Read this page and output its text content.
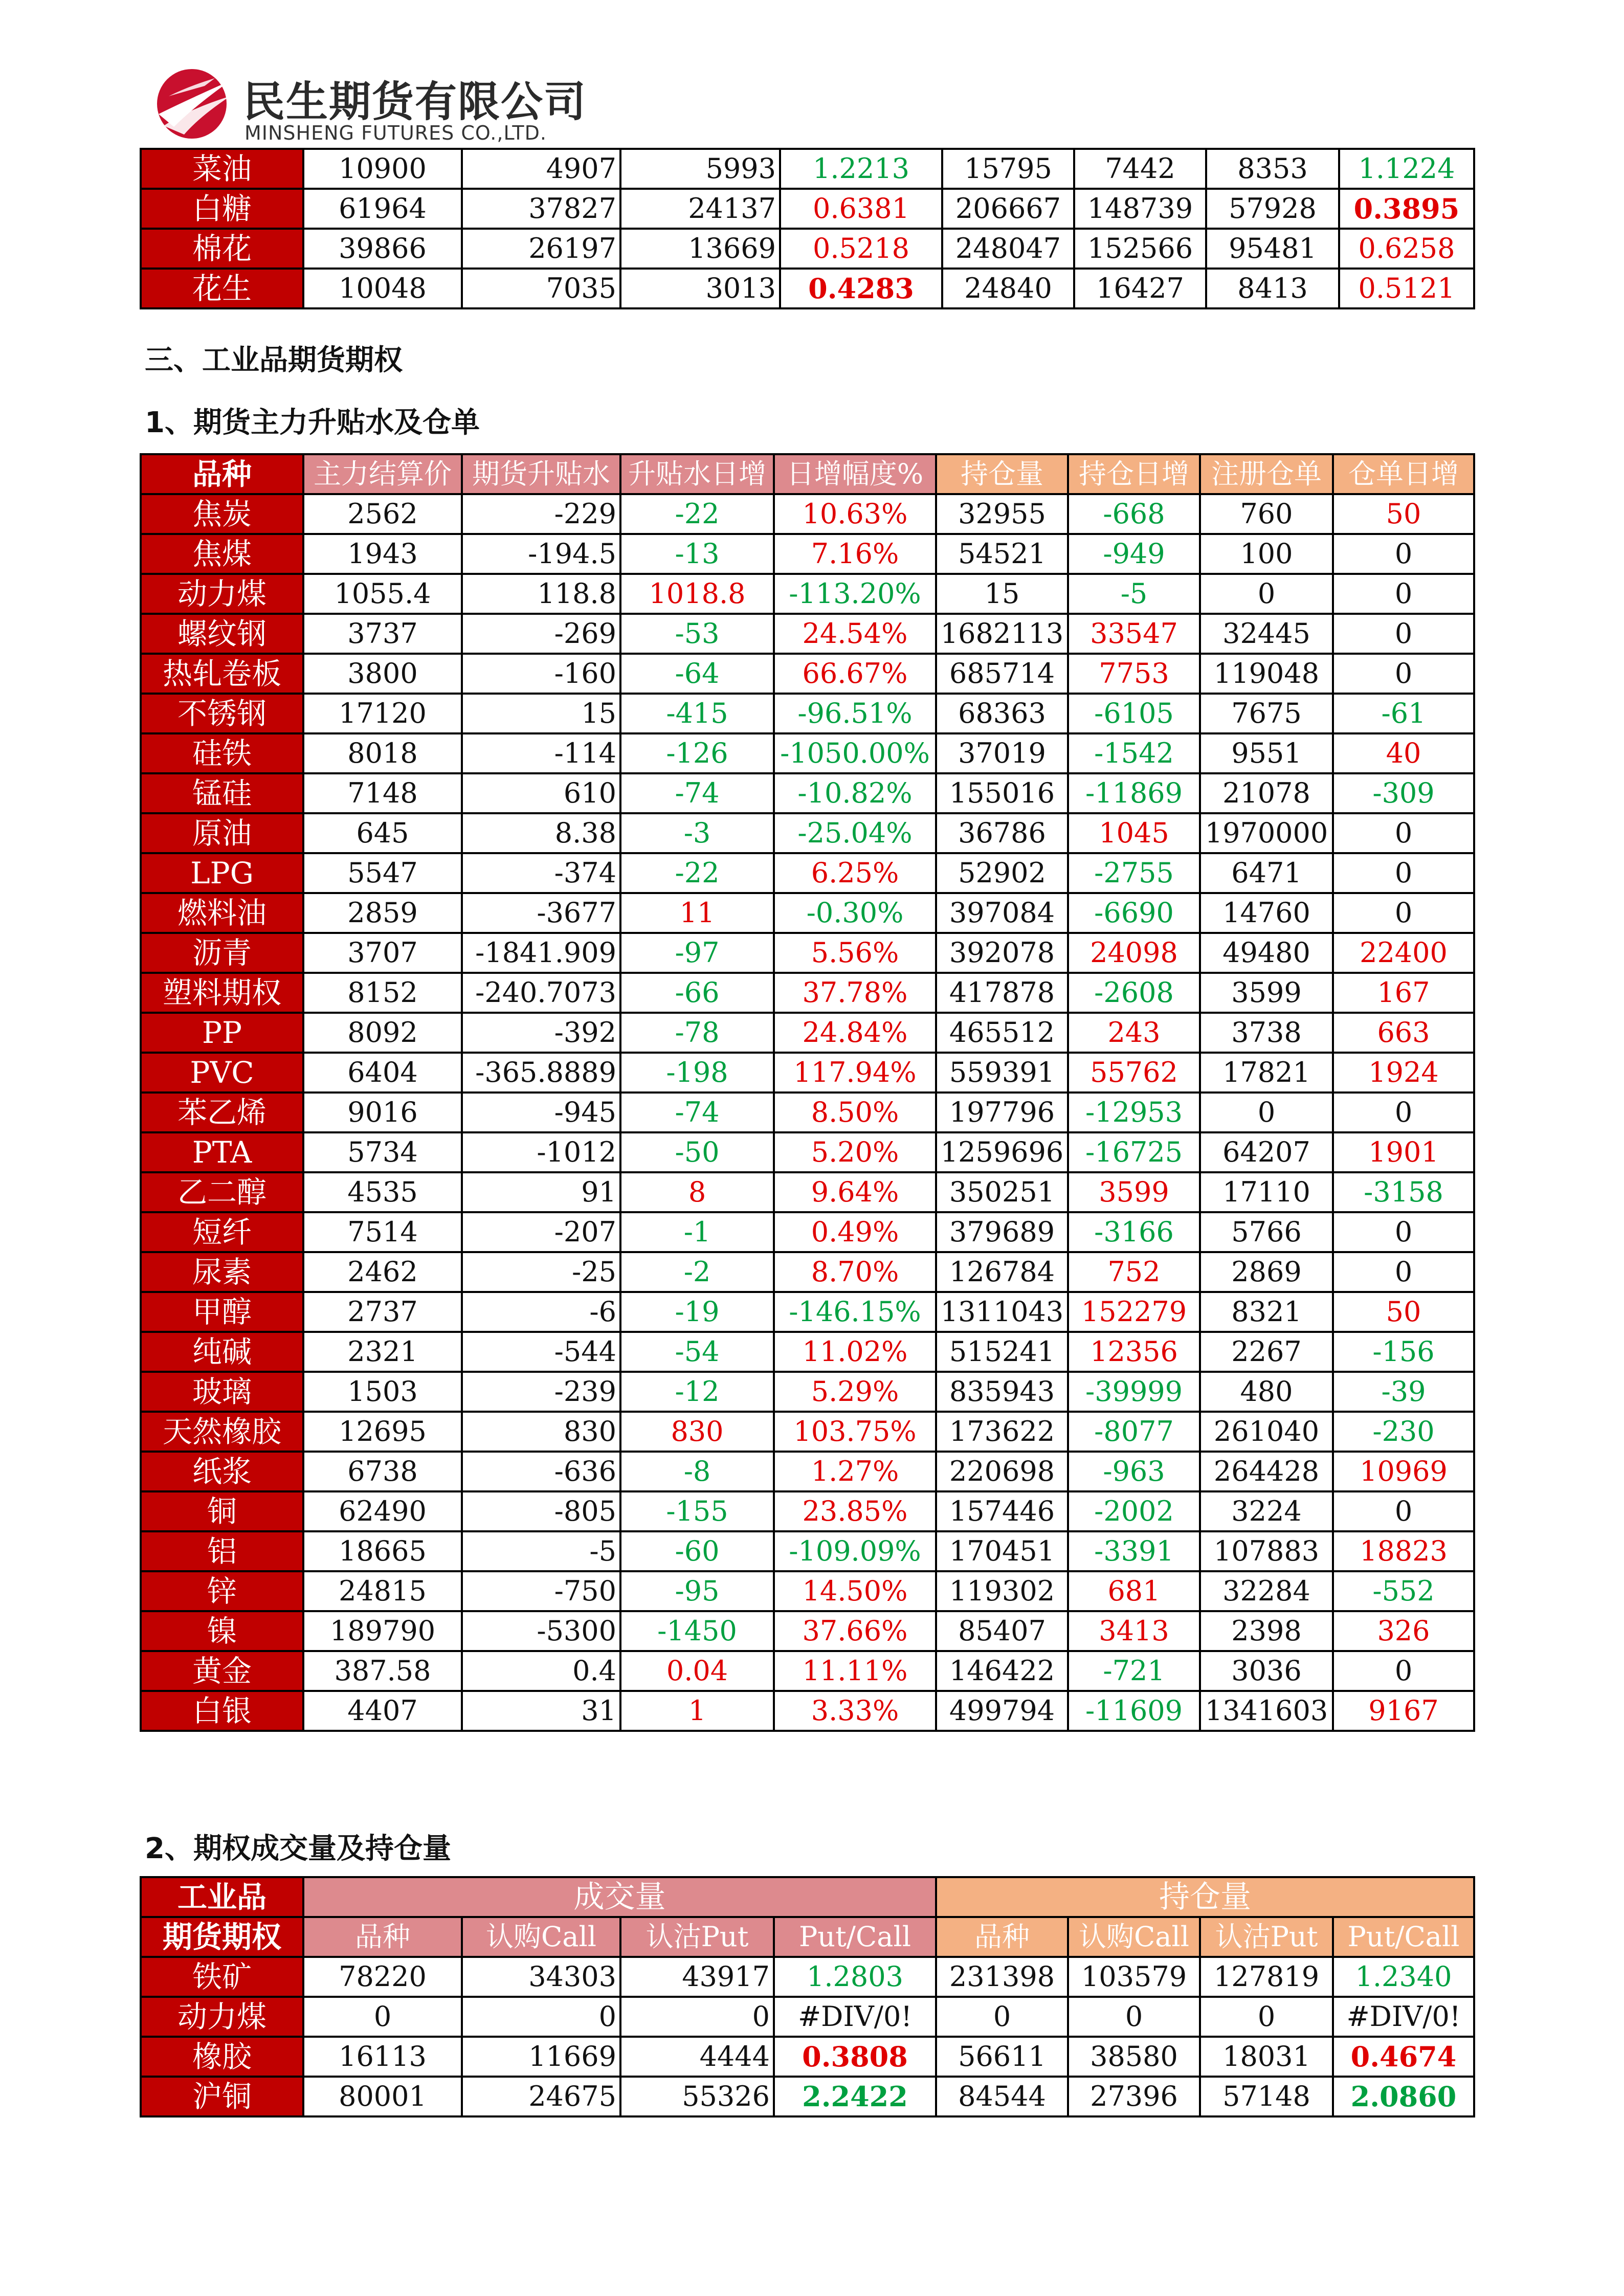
民生期货有限公司
MINSHENG FUTURES CO.,LTD.
菜油	10900	4907	5993	1.2213	15795	7442	8353	1.1224
白糖	61964	37827	24137	0.6381	206667	148739	57928	0.3895
棉花	39866	26197	13669	0.5218	248047	152566	95481	0.6258
花生	10048	7035	3013	0.4283	24840	16427	8413	0.5121
三、工业品期货期权
1、期货主力升贴水及仓单
品种	主力结算价	期货升贴水	升贴水日增	日增幅度%	持仓量	持仓日增	注册仓单	仓单日增
焦炭	2562	-229	-22	10.63%	32955	-668	760	50
焦煤	1943	-194.5	-13	7.16%	54521	-949	100	0
动力煤	1055.4	118.8	1018.8	-113.20%	15	-5	0	0
螺纹钢	3737	-269	-53	24.54%	1682113	33547	32445	0
热轧卷板	3800	-160	-64	66.67%	685714	7753	119048	0
不锈钢	17120	15	-415	-96.51%	68363	-6105	7675	-61
硅铁	8018	-114	-126	-1050.00%	37019	-1542	9551	40
锰硅	7148	610	-74	-10.82%	155016	-11869	21078	-309
原油	645	8.38	-3	-25.04%	36786	1045	1970000	0
LPG	5547	-374	-22	6.25%	52902	-2755	6471	0
燃料油	2859	-3677	11	-0.30%	397084	-6690	14760	0
沥青	3707	-1841.909	-97	5.56%	392078	24098	49480	22400
塑料期权	8152	-240.7073	-66	37.78%	417878	-2608	3599	167
PP	8092	-392	-78	24.84%	465512	243	3738	663
PVC	6404	-365.8889	-198	117.94%	559391	55762	17821	1924
苯乙烯	9016	-945	-74	8.50%	197796	-12953	0	0
PTA	5734	-1012	-50	5.20%	1259696	-16725	64207	1901
乙二醇	4535	91	8	9.64%	350251	3599	17110	-3158
短纤	7514	-207	-1	0.49%	379689	-3166	5766	0
尿素	2462	-25	-2	8.70%	126784	752	2869	0
甲醇	2737	-6	-19	-146.15%	1311043	152279	8321	50
纯碱	2321	-544	-54	11.02%	515241	12356	2267	-156
玻璃	1503	-239	-12	5.29%	835943	-39999	480	-39
天然橡胶	12695	830	830	103.75%	173622	-8077	261040	-230
纸浆	6738	-636	-8	1.27%	220698	-963	264428	10969
铜	62490	-805	-155	23.85%	157446	-2002	3224	0
铝	18665	-5	-60	-109.09%	170451	-3391	107883	18823
锌	24815	-750	-95	14.50%	119302	681	32284	-552
镍	189790	-5300	-1450	37.66%	85407	3413	2398	326
黄金	387.58	0.4	0.04	11.11%	146422	-721	3036	0
白银	4407	31	1	3.33%	499794	-11609	1341603	9167
2、期权成交量及持仓量
工业品	成交量				持仓量			
期货期权	品种	认购Call	认沽Put	Put/Call	品种	认购Call	认沽Put	Put/Call
铁矿	78220	34303	43917	1.2803	231398	103579	127819	1.2340
动力煤	0	0	0	#DIV/0!	0	0	0	#DIV/0!
橡胶	16113	11669	4444	0.3808	56611	38580	18031	0.4674
沪铜	80001	24675	55326	2.2422	84544	27396	57148	2.0860
